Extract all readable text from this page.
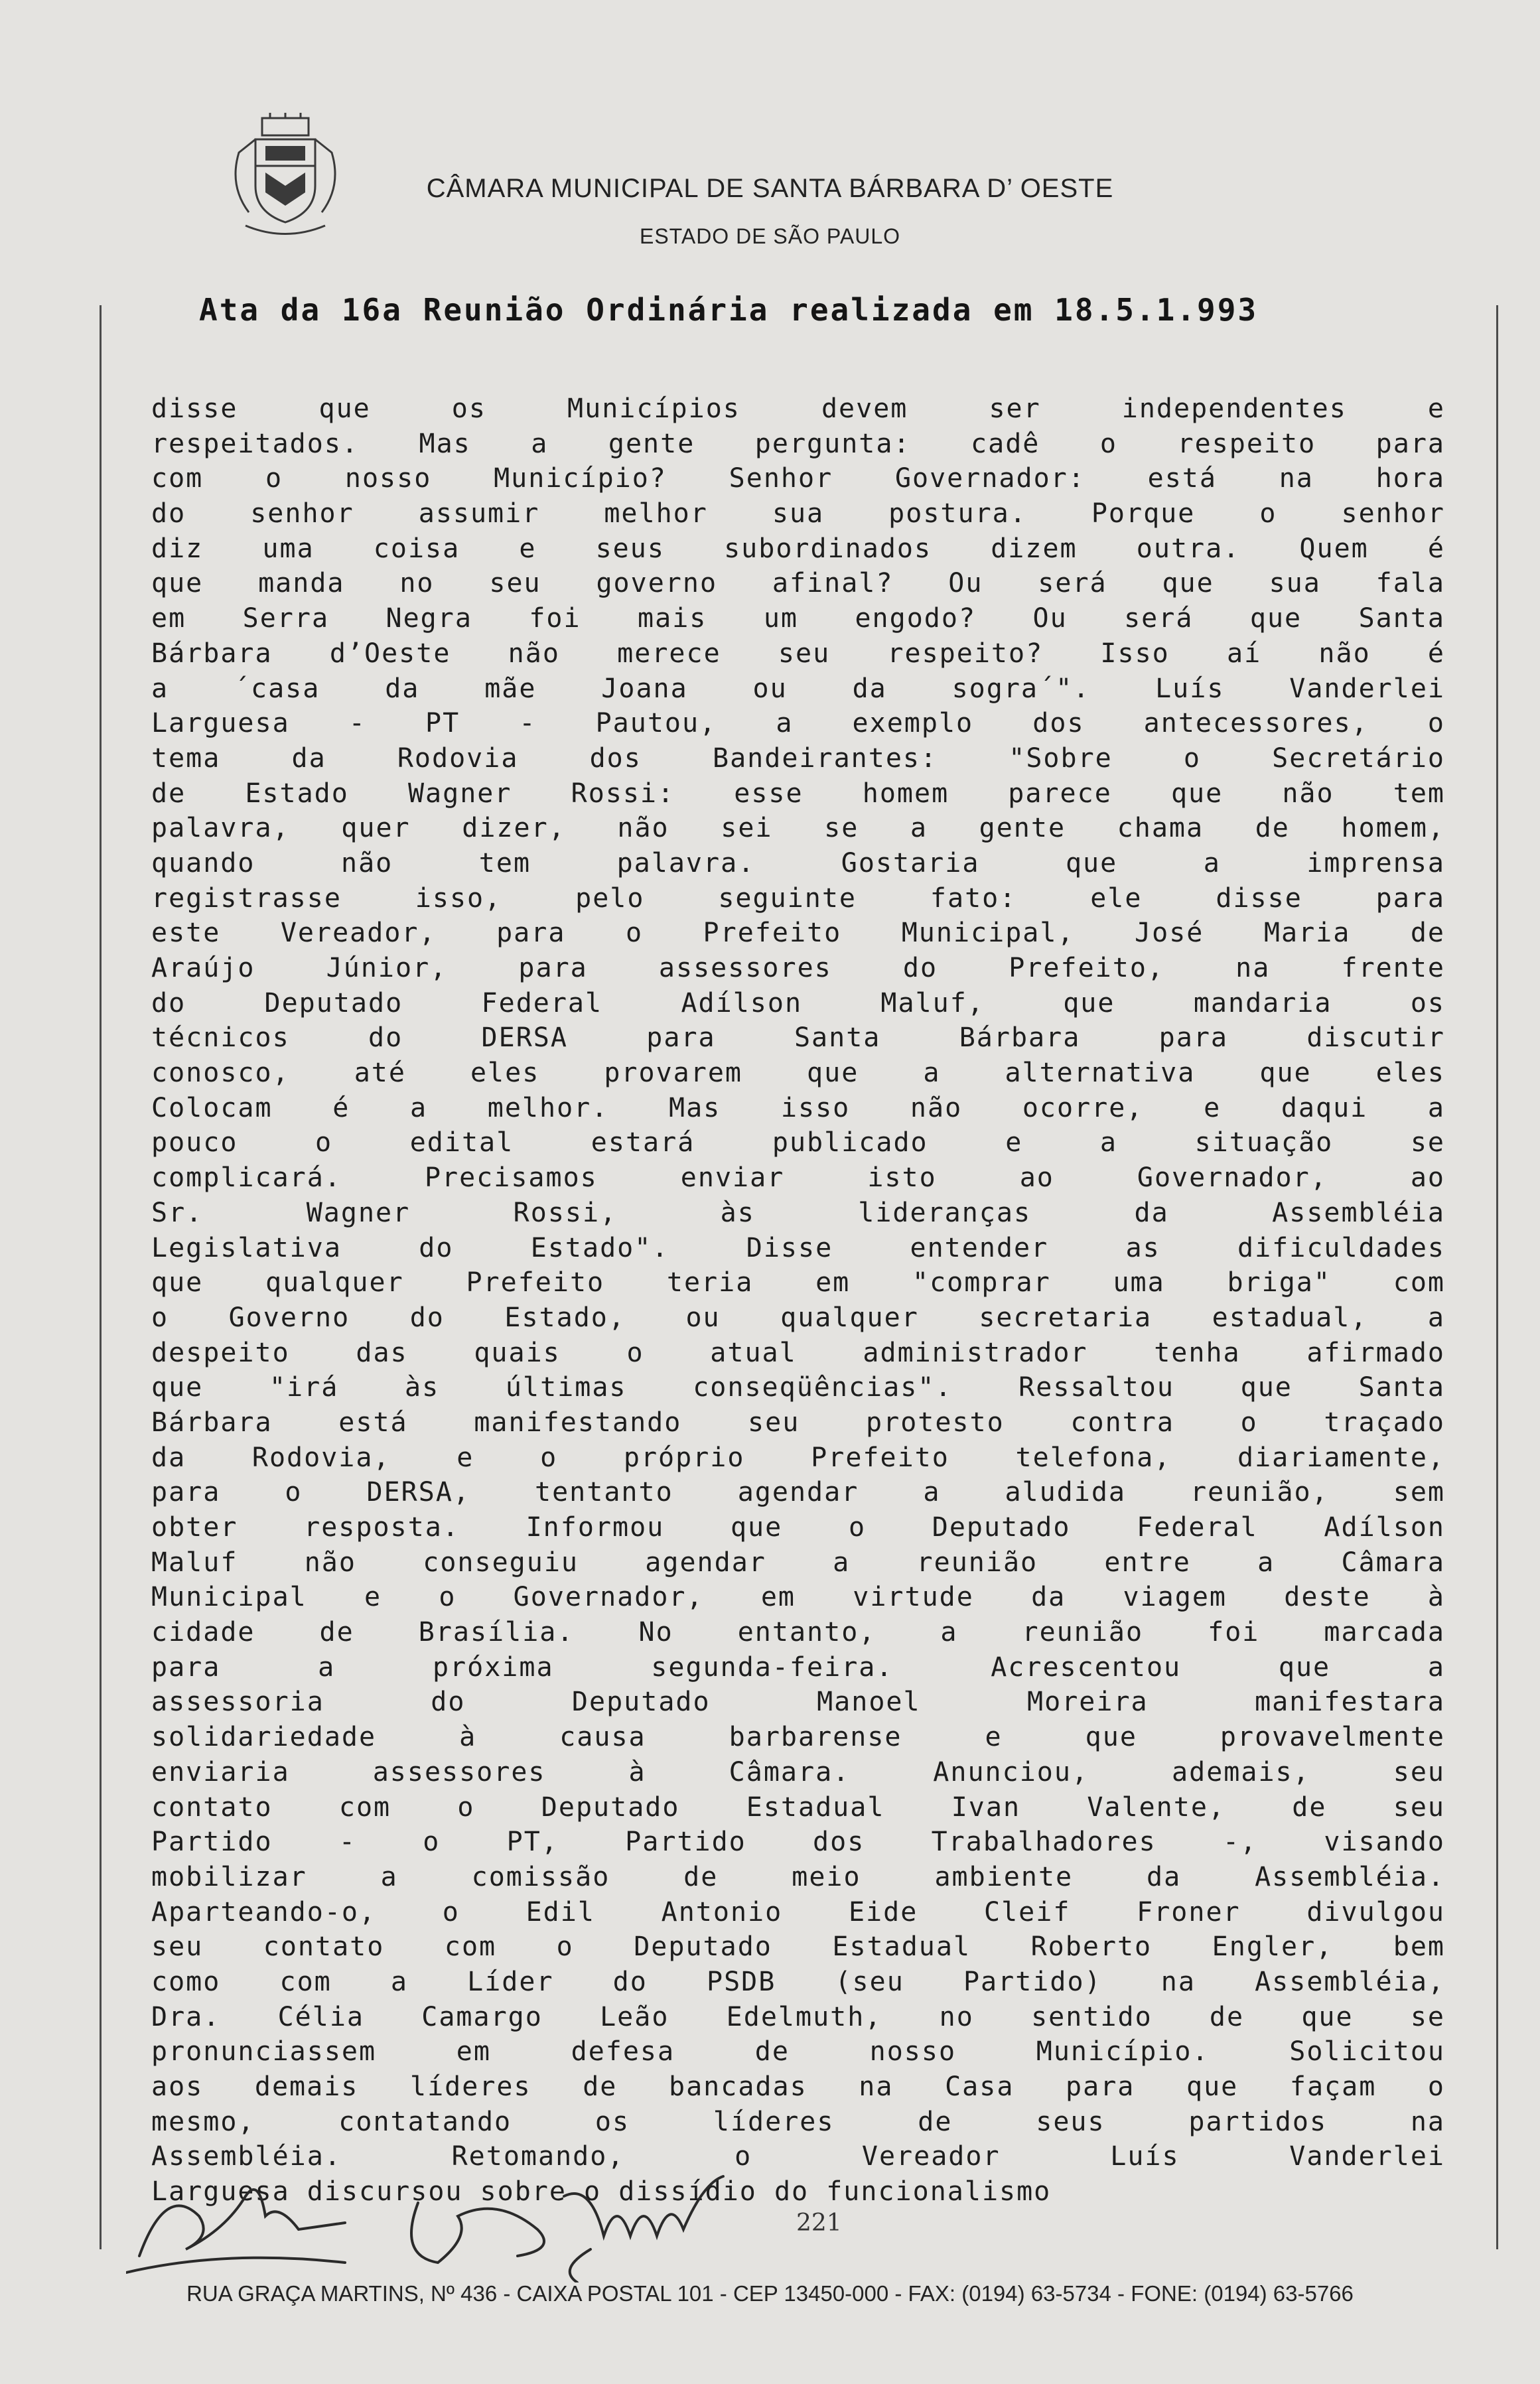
CÂMARA MUNICIPAL DE SANTA BÁRBARA D’ OESTE
ESTADO DE SÃO PAULO
Ata da 16a Reunião Ordinária realizada em 18.5.1.993
disse que os Municípios devem ser independentes e
respeitados. Mas a gente pergunta: cadê o respeito para
com o nosso Município? Senhor Governador: está na hora
do senhor assumir melhor sua postura. Porque o senhor
diz uma coisa e seus subordinados dizem outra. Quem é
que manda no seu governo afinal? Ou será que sua fala
em Serra Negra foi mais um engodo? Ou será que Santa
Bárbara d’Oeste não merece seu respeito? Isso aí não é
a ´casa da mãe Joana ou da sogra´". Luís Vanderlei
Larguesa - PT - Pautou, a exemplo dos antecessores, o
tema da Rodovia dos Bandeirantes: "Sobre o Secretário
de Estado Wagner Rossi: esse homem parece que não tem
palavra, quer dizer, não sei se a gente chama de homem,
quando não tem palavra. Gostaria que a imprensa
registrasse isso, pelo seguinte fato: ele disse para
este Vereador, para o Prefeito Municipal, José Maria de
Araújo Júnior, para assessores do Prefeito, na frente
do Deputado Federal Adílson Maluf, que mandaria os
técnicos do DERSA para Santa Bárbara para discutir
conosco, até eles provarem que a alternativa que eles
Colocam é a melhor. Mas isso não ocorre, e daqui a
pouco o edital estará publicado e a situação se
complicará. Precisamos enviar isto ao Governador, ao
Sr. Wagner Rossi, às lideranças da Assembléia
Legislativa do Estado". Disse entender as dificuldades
que qualquer Prefeito teria em "comprar uma briga" com
o Governo do Estado, ou qualquer secretaria estadual, a
despeito das quais o atual administrador tenha afirmado
que "irá às últimas conseqüências". Ressaltou que Santa
Bárbara está manifestando seu protesto contra o traçado
da Rodovia, e o próprio Prefeito telefona, diariamente,
para o DERSA, tentanto agendar a aludida reunião, sem
obter resposta. Informou que o Deputado Federal Adílson
Maluf não conseguiu agendar a reunião entre a Câmara
Municipal e o Governador, em virtude da viagem deste à
cidade de Brasília. No entanto, a reunião foi marcada
para a próxima segunda-feira. Acrescentou que a
assessoria do Deputado Manoel Moreira manifestara
solidariedade à causa barbarense e que provavelmente
enviaria assessores à Câmara. Anunciou, ademais, seu
contato com o Deputado Estadual Ivan Valente, de seu
Partido - o PT, Partido dos Trabalhadores -, visando
mobilizar a comissão de meio ambiente da Assembléia.
Aparteando-o, o Edil Antonio Eide Cleif Froner divulgou
seu contato com o Deputado Estadual Roberto Engler, bem
como com a Líder do PSDB (seu Partido) na Assembléia,
Dra. Célia Camargo Leão Edelmuth, no sentido de que se
pronunciassem em defesa de nosso Município. Solicitou
aos demais líderes de bancadas na Casa para que façam o
mesmo, contatando os líderes de seus partidos na
Assembléia. Retomando, o Vereador Luís Vanderlei
Larguesa discursou sobre o dissídio do funcionalismo
221
RUA GRAÇA MARTINS, Nº 436 - CAIXA POSTAL 101 - CEP 13450-000 - FAX: (0194) 63-5734 - FONE: (0194) 63-5766
